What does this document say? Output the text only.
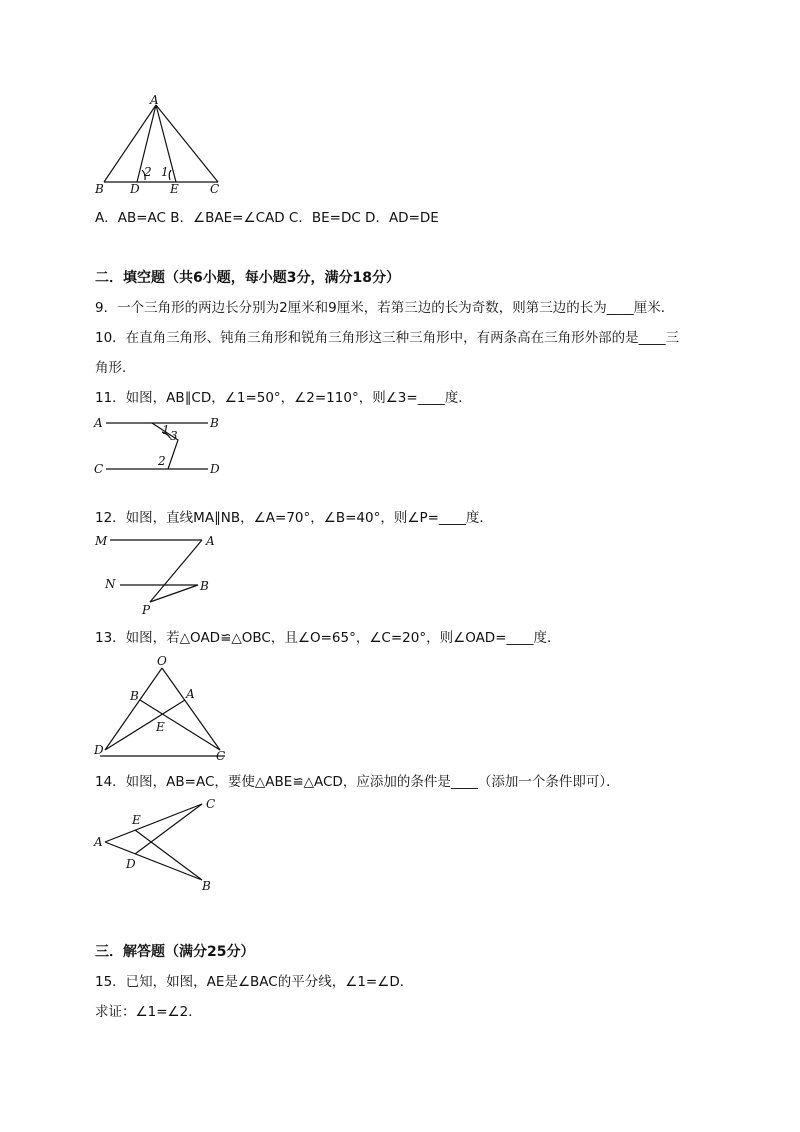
A
B D	E	C
2 1
A．AB=AC B．∠BAE=∠CAD C．BE=DC D．AD=DE
二．填空题（共6小题，每小题3分，满分18分）
9．一个三角形的两边长分别为2厘米和9厘米，若第三边的长为奇数，则第三边的长为____厘米．
10．在直角三角形、钝角三角形和锐角三角形这三种三角形中，有两条高在三角形外部的是____三
角形．
11．如图，AB∥CD，∠1=50°，∠2=110°，则∠3=____度．
A	B
C	D
1 3
2
12．如图，直线MA∥NB，∠A=70°，∠B=40°，则∠P=____度．
M	A
N	B
P
13．如图，若△OAD≌△OBC，且∠O=65°，∠C=20°，则∠OAD=____度．
O
B	A
E
D	C
14．如图，AB=AC，要使△ABE≌△ACD，应添加的条件是____（添加一个条件即可）．
C
E
A
D
B
三．解答题（满分25分）
15．已知，如图，AE是∠BAC的平分线，∠1=∠D．
求证：∠1=∠2．
